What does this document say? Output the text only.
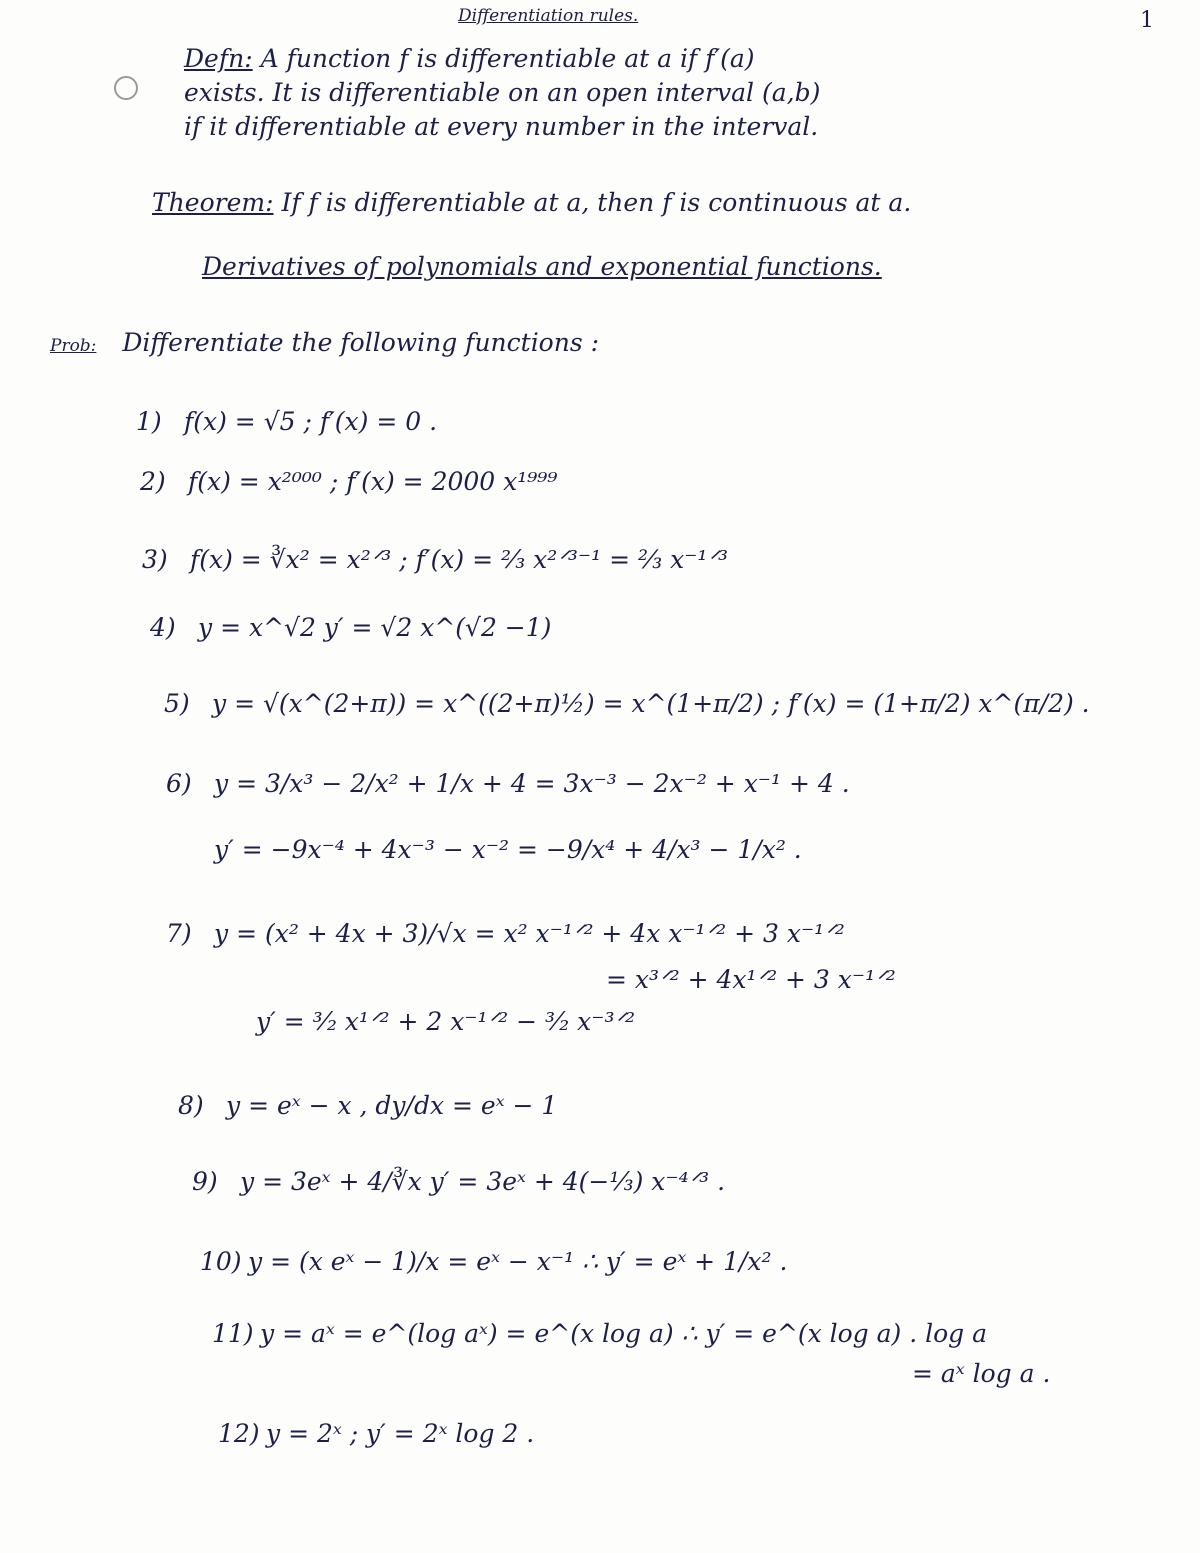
1
Differentiation rules.
Defn: A function f is differentiable at a if f′(a)
exists. It is differentiable on an open interval (a,b)
if it differentiable at every number in the interval.
Theorem: If f is differentiable at a, then f is continuous at a.
Derivatives of polynomials and exponential functions.
Prob: Differentiate the following functions :
1) f(x) = √5 ; f′(x) = 0 .
2) f(x) = x²⁰⁰⁰ ; f′(x) = 2000 x¹⁹⁹⁹
3) f(x) = ∛x² = x²ᐟ³ ; f′(x) = ²⁄₃ x²ᐟ³⁻¹ = ⅔ x⁻¹ᐟ³
4) y = x^√2 y′ = √2 x^(√2 −1)
5) y = √(x^(2+π)) = x^((2+π)½) = x^(1+π/2) ; f′(x) = (1+π/2) x^(π/2) .
6) y = 3/x³ − 2/x² + 1/x + 4 = 3x⁻³ − 2x⁻² + x⁻¹ + 4 .
y′ = −9x⁻⁴ + 4x⁻³ − x⁻² = −9/x⁴ + 4/x³ − 1/x² .
7) y = (x² + 4x + 3)/√x = x² x⁻¹ᐟ² + 4x x⁻¹ᐟ² + 3 x⁻¹ᐟ²
= x³ᐟ² + 4x¹ᐟ² + 3 x⁻¹ᐟ²
y′ = ³⁄₂ x¹ᐟ² + 2 x⁻¹ᐟ² − ³⁄₂ x⁻³ᐟ²
8) y = eˣ − x , dy/dx = eˣ − 1
9) y = 3eˣ + 4/∛x y′ = 3eˣ + 4(−⅓) x⁻⁴ᐟ³ .
10) y = (x eˣ − 1)/x = eˣ − x⁻¹ ∴ y′ = eˣ + 1/x² .
11) y = aˣ = e^(log aˣ) = e^(x log a) ∴ y′ = e^(x log a) . log a
= aˣ log a .
12) y = 2ˣ ; y′ = 2ˣ log 2 .
